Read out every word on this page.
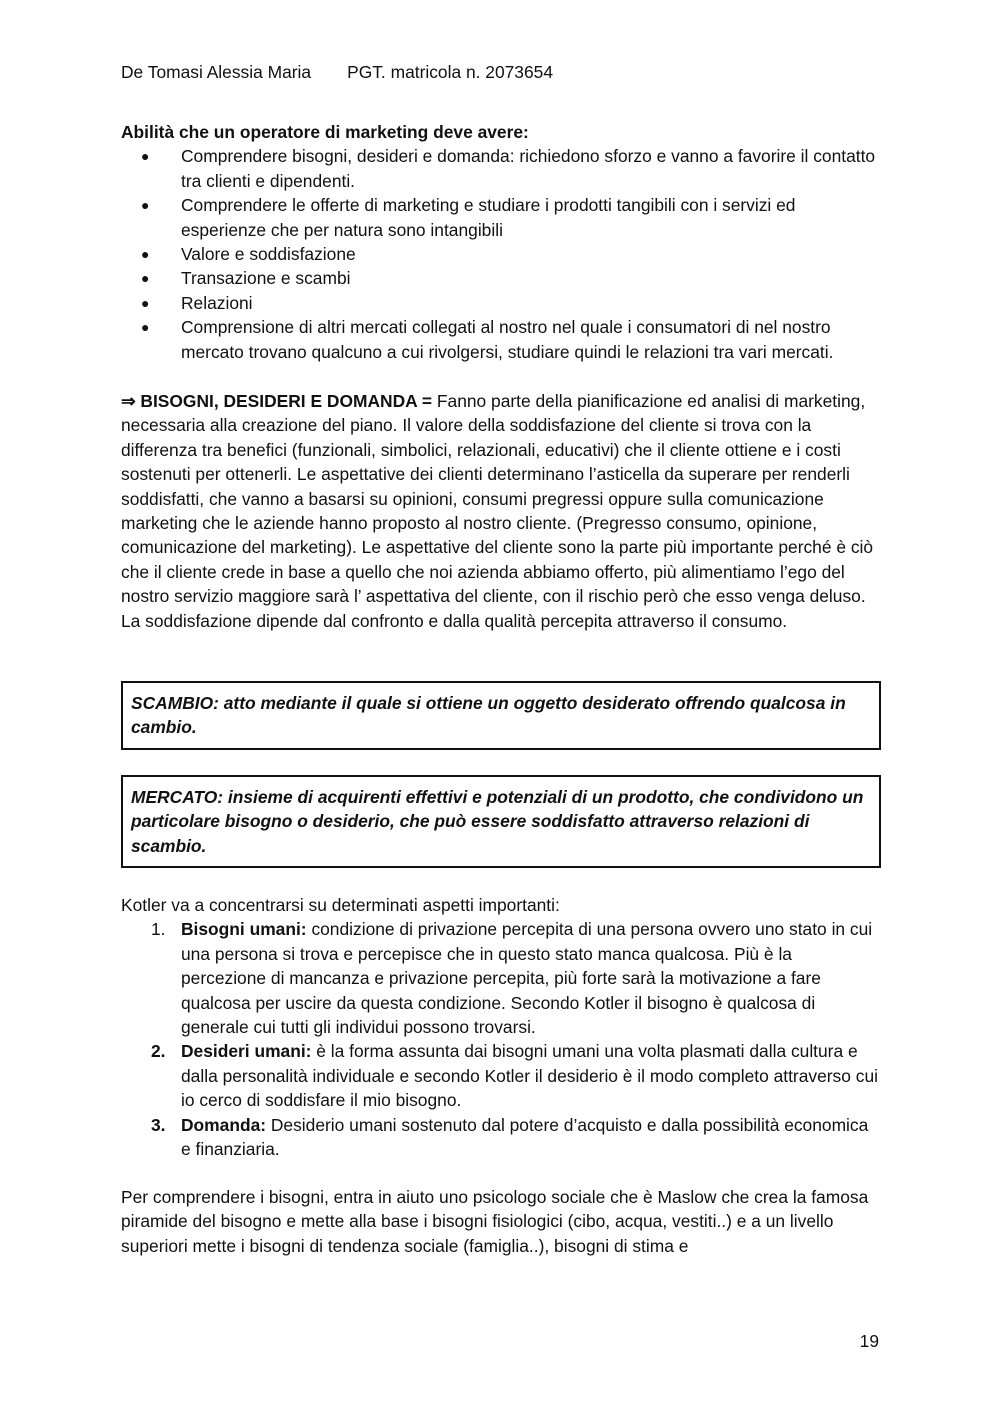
De Tomasi Alessia Maria PGT. matricola n. 2073654
Abilità che un operatore di marketing deve avere:
● Comprendere bisogni, desideri e domanda: richiedono sforzo e vanno a favorire il contatto tra clienti e dipendenti.
● Comprendere le offerte di marketing e studiare i prodotti tangibili con i servizi ed esperienze che per natura sono intangibili
● Valore e soddisfazione
● Transazione e scambi
● Relazioni
● Comprensione di altri mercati collegati al nostro nel quale i consumatori di nel nostro mercato trovano qualcuno a cui rivolgersi, studiare quindi le relazioni tra vari mercati.
⇒ BISOGNI, DESIDERI E DOMANDA = Fanno parte della pianificazione ed analisi di marketing, necessaria alla creazione del piano. Il valore della soddisfazione del cliente si trova con la differenza tra benefici (funzionali, simbolici, relazionali, educativi) che il cliente ottiene e i costi sostenuti per ottenerli. Le aspettative dei clienti determinano l’asticella da superare per renderli soddisfatti, che vanno a basarsi su opinioni, consumi pregressi oppure sulla comunicazione marketing che le aziende hanno proposto al nostro cliente. (Pregresso consumo, opinione, comunicazione del marketing). Le aspettative del cliente sono la parte più importante perché è ciò che il cliente crede in base a quello che noi azienda abbiamo offerto, più alimentiamo l’ego del nostro servizio maggiore sarà l’ aspettativa del cliente, con il rischio però che esso venga deluso. La soddisfazione dipende dal confronto e dalla qualità percepita attraverso il consumo.
SCAMBIO: atto mediante il quale si ottiene un oggetto desiderato offrendo qualcosa in cambio.
MERCATO: insieme di acquirenti effettivi e potenziali di un prodotto, che condividono un particolare bisogno o desiderio, che può essere soddisfatto attraverso relazioni di scambio.
Kotler va a concentrarsi su determinati aspetti importanti:
1. Bisogni umani: condizione di privazione percepita di una persona ovvero uno stato in cui una persona si trova e percepisce che in questo stato manca qualcosa. Più è la percezione di mancanza e privazione percepita, più forte sarà la motivazione a fare qualcosa per uscire da questa condizione. Secondo Kotler il bisogno è qualcosa di generale cui tutti gli individui possono trovarsi.
2. Desideri umani: è la forma assunta dai bisogni umani una volta plasmati dalla cultura e dalla personalità individuale e secondo Kotler il desiderio è il modo completo attraverso cui io cerco di soddisfare il mio bisogno.
3. Domanda: Desiderio umani sostenuto dal potere d’acquisto e dalla possibilità economica e finanziaria.
Per comprendere i bisogni, entra in aiuto uno psicologo sociale che è Maslow che crea la famosa piramide del bisogno e mette alla base i bisogni fisiologici (cibo, acqua, vestiti..) e a un livello superiori mette i bisogni di tendenza sociale (famiglia..), bisogni di stima e
19
